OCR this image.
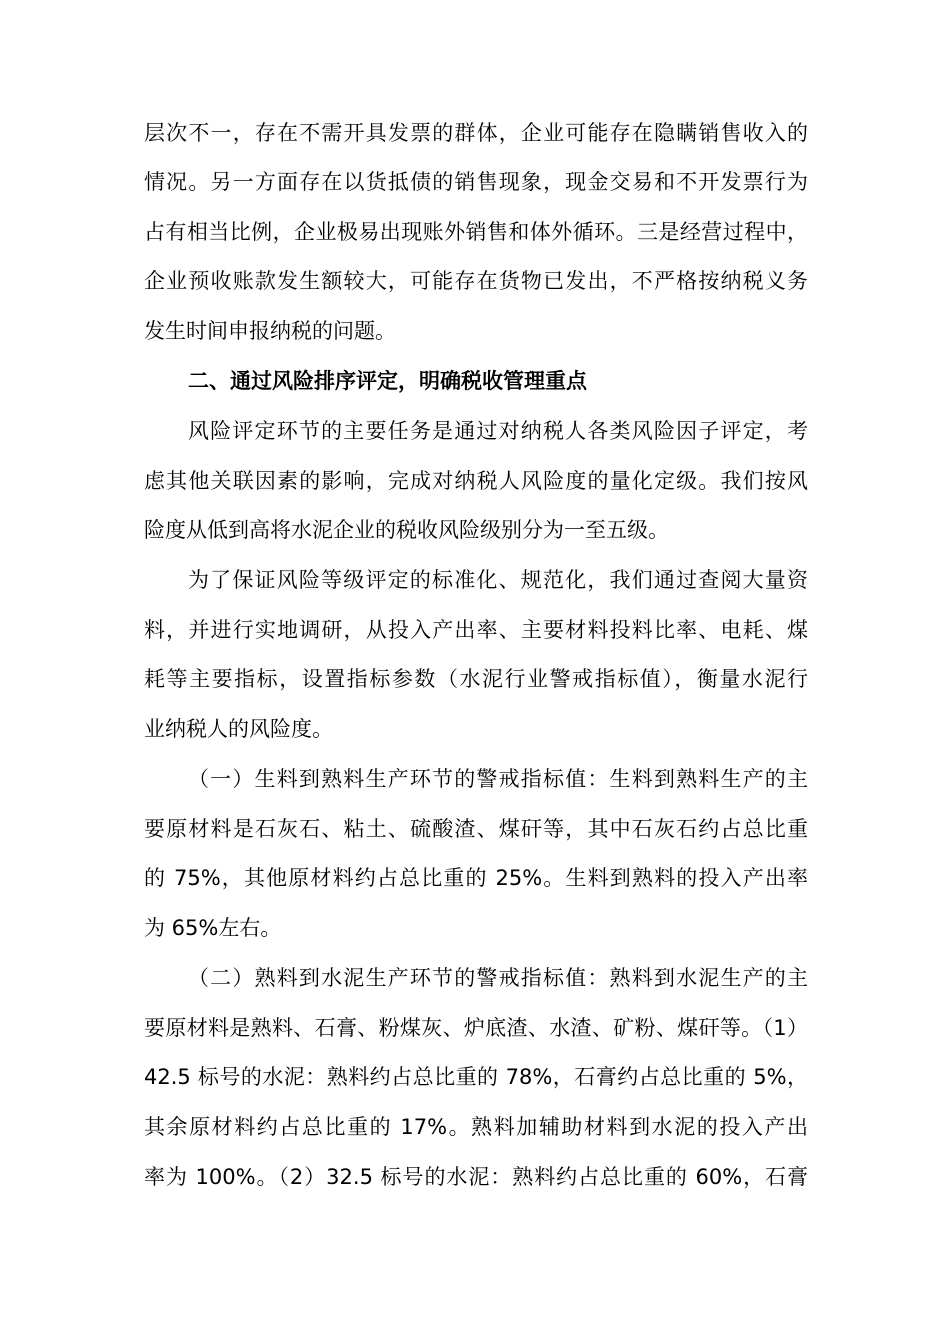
层次不一，存在不需开具发票的群体，企业可能存在隐瞒销售收入的
情况。另一方面存在以货抵债的销售现象，现金交易和不开发票行为
占有相当比例，企业极易出现账外销售和体外循环。三是经营过程中，
企业预收账款发生额较大，可能存在货物已发出，不严格按纳税义务
发生时间申报纳税的问题。
二、通过风险排序评定，明确税收管理重点
风险评定环节的主要任务是通过对纳税人各类风险因子评定，考
虑其他关联因素的影响，完成对纳税人风险度的量化定级。我们按风
险度从低到高将水泥企业的税收风险级别分为一至五级。
为了保证风险等级评定的标准化、规范化，我们通过查阅大量资
料，并进行实地调研，从投入产出率、主要材料投料比率、电耗、煤
耗等主要指标，设置指标参数（水泥行业警戒指标值），衡量水泥行
业纳税人的风险度。
（一）生料到熟料生产环节的警戒指标值：生料到熟料生产的主
要原材料是石灰石、粘土、硫酸渣、煤矸等，其中石灰石约占总比重
的 75%，其他原材料约占总比重的 25%。生料到熟料的投入产出率
为 65%左右。
（二）熟料到水泥生产环节的警戒指标值：熟料到水泥生产的主
要原材料是熟料、石膏、粉煤灰、炉底渣、水渣、矿粉、煤矸等。（1）
42.5 标号的水泥：熟料约占总比重的 78%，石膏约占总比重的 5%，
其余原材料约占总比重的 17%。熟料加辅助材料到水泥的投入产出
率为 100%。（2）32.5 标号的水泥：熟料约占总比重的 60%，石膏
